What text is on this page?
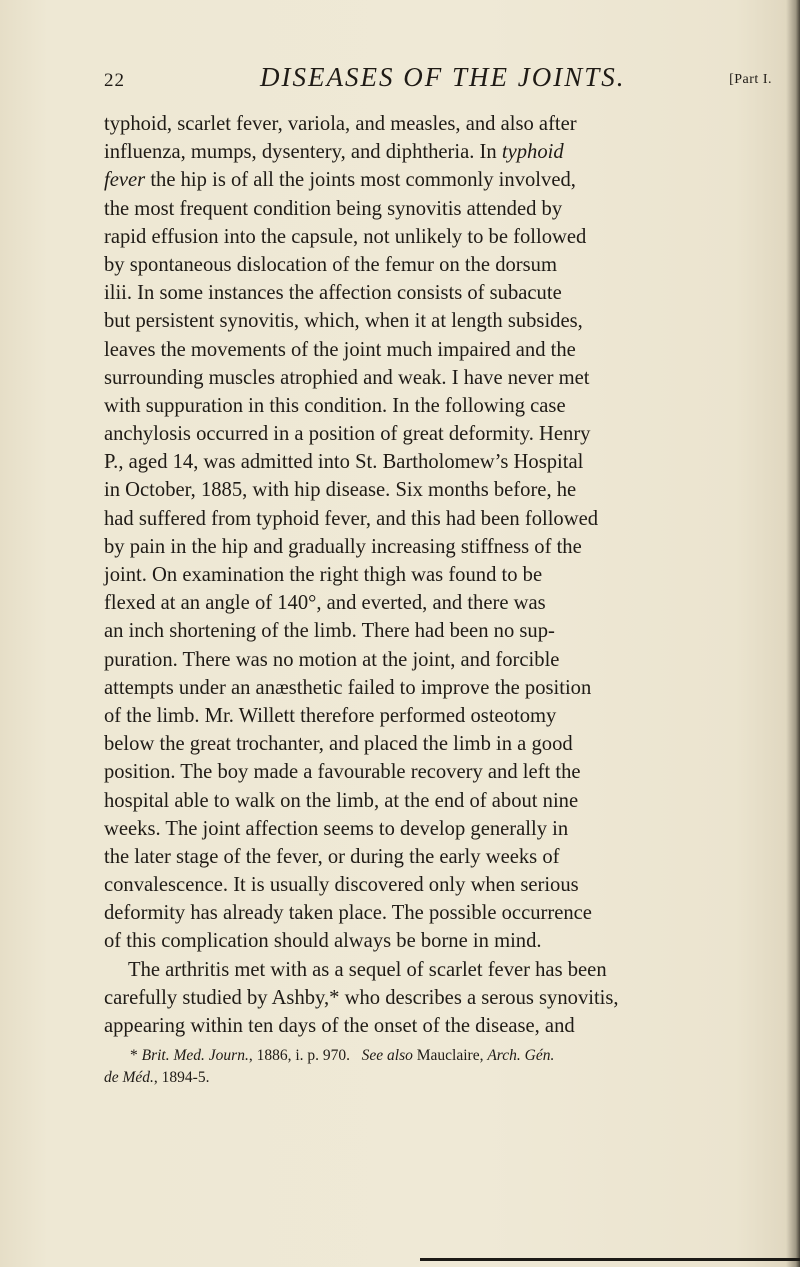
22	DISEASES OF THE JOINTS.	[Part I.
typhoid, scarlet fever, variola, and measles, and also after
influenza, mumps, dysentery, and diphtheria. In typhoid
fever the hip is of all the joints most commonly involved,
the most frequent condition being synovitis attended by
rapid effusion into the capsule, not unlikely to be followed
by spontaneous dislocation of the femur on the dorsum
ilii. In some instances the affection consists of subacute
but persistent synovitis, which, when it at length subsides,
leaves the movements of the joint much impaired and the
surrounding muscles atrophied and weak. I have never met
with suppuration in this condition. In the following case
anchylosis occurred in a position of great deformity. Henry
P., aged 14, was admitted into St. Bartholomew’s Hospital
in October, 1885, with hip disease. Six months before, he
had suffered from typhoid fever, and this had been followed
by pain in the hip and gradually increasing stiffness of the
joint. On examination the right thigh was found to be
flexed at an angle of 140°, and everted, and there was
an inch shortening of the limb. There had been no sup-
puration. There was no motion at the joint, and forcible
attempts under an anæsthetic failed to improve the position
of the limb. Mr. Willett therefore performed osteotomy
below the great trochanter, and placed the limb in a good
position. The boy made a favourable recovery and left the
hospital able to walk on the limb, at the end of about nine
weeks. The joint affection seems to develop generally in
the later stage of the fever, or during the early weeks of
convalescence. It is usually discovered only when serious
deformity has already taken place. The possible occurrence
of this complication should always be borne in mind.
The arthritis met with as a sequel of scarlet fever has been
carefully studied by Ashby,* who describes a serous synovitis,
appearing within ten days of the onset of the disease, and
* Brit. Med. Journ., 1886, i. p. 970. See also Mauclaire, Arch. Gén.
de Méd., 1894-5.
